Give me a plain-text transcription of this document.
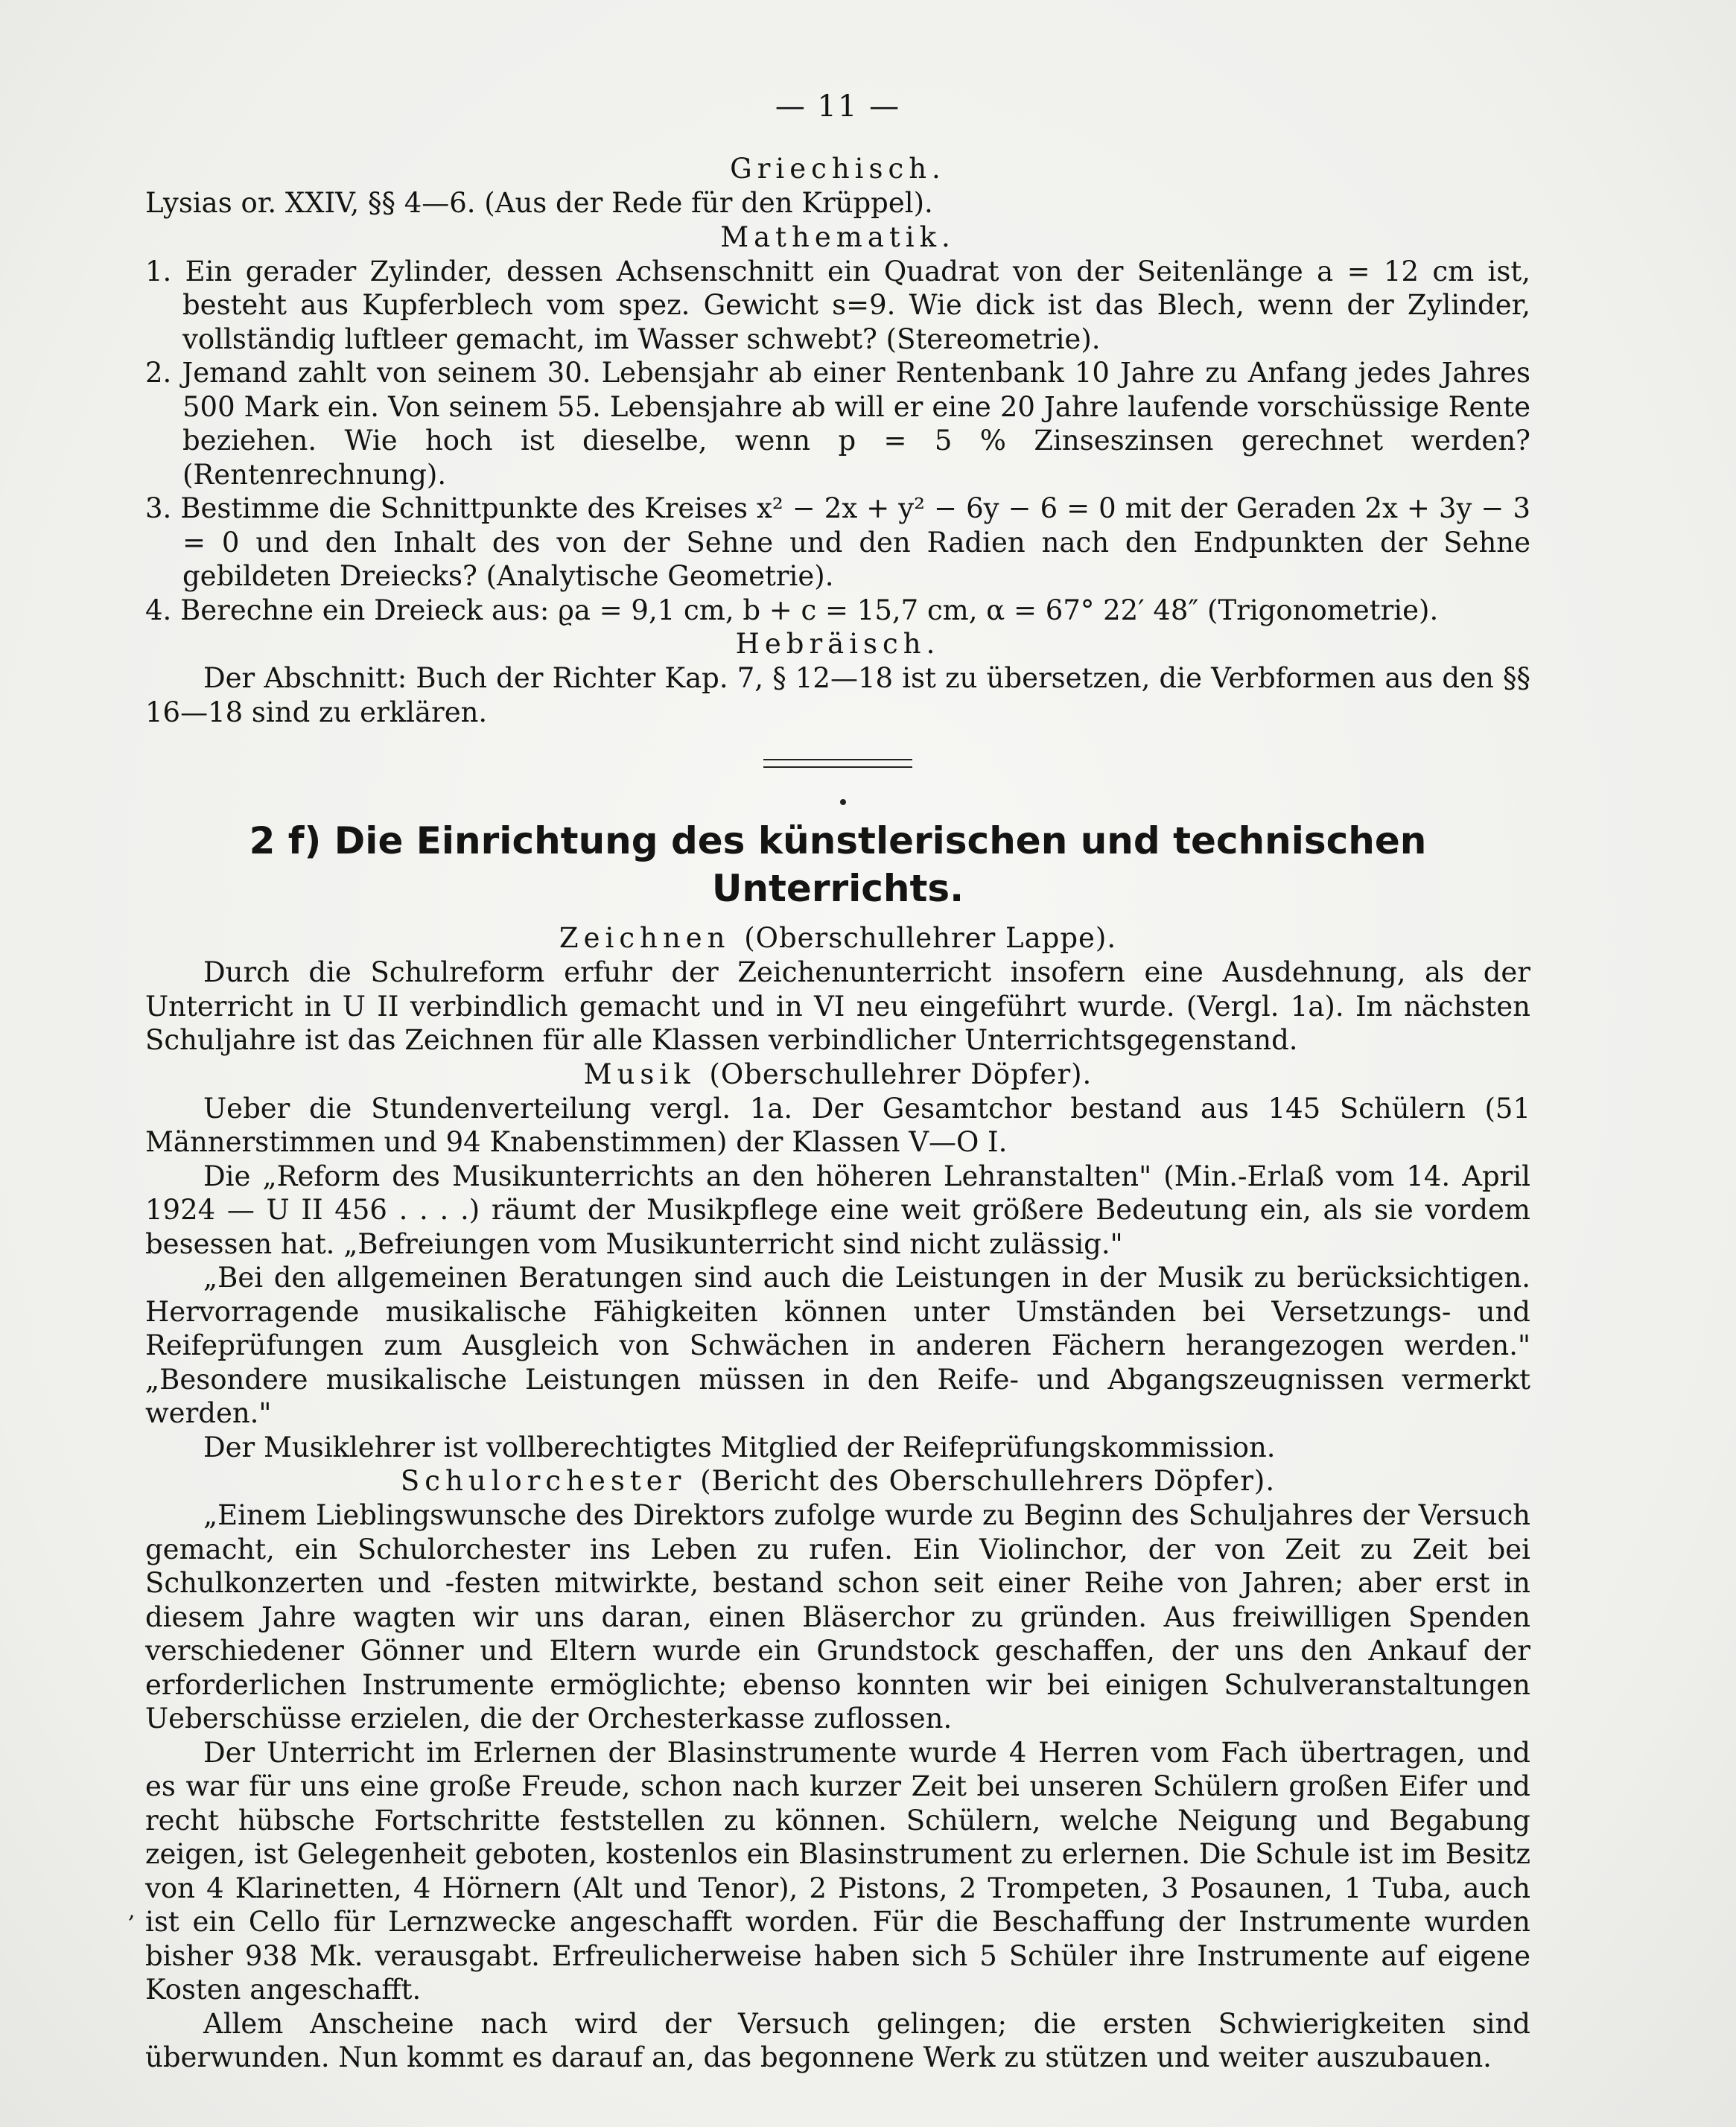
— 11 —
Griechisch.

Lysias or. XXIV, §§ 4—6. (Aus der Rede für den Krüppel).

Mathematik.
1. Ein gerader Zylinder, dessen Achsenschnitt ein Quadrat von der Seitenlänge a = 12 cm ist, besteht aus Kupferblech vom spez. Gewicht s=9. Wie dick ist das Blech, wenn der Zylinder, vollständig luftleer gemacht, im Wasser schwebt? (Stereometrie).
2. Jemand zahlt von seinem 30. Lebensjahr ab einer Rentenbank 10 Jahre zu Anfang jedes Jahres 500 Mark ein. Von seinem 55. Lebensjahre ab will er eine 20 Jahre laufende vorschüssige Rente beziehen. Wie hoch ist dieselbe, wenn p = 5 % Zinseszinsen gerechnet werden? (Rentenrechnung).
3. Bestimme die Schnittpunkte des Kreises x² − 2x + y² − 6y − 6 = 0 mit der Geraden 2x + 3y − 3 = 0 und den Inhalt des von der Sehne und den Radien nach den Endpunkten der Sehne gebildeten Dreiecks? (Analytische Geometrie).
4. Berechne ein Dreieck aus: ϱa = 9,1 cm, b + c = 15,7 cm, α = 67° 22′ 48″ (Trigonometrie).
Hebräisch.

Der Abschnitt: Buch der Richter Kap. 7, § 12—18 ist zu übersetzen, die Verbformen aus den §§ 16—18 sind zu erklären.

2 f) Die Einrichtung des künstlerischen und technischen Unterrichts.
Zeichnen (Oberschullehrer Lappe).

Durch die Schulreform erfuhr der Zeichenunterricht insofern eine Ausdehnung, als der Unterricht in U II verbindlich gemacht und in VI neu eingeführt wurde. (Vergl. 1a). Im nächsten Schuljahre ist das Zeichnen für alle Klassen verbindlicher Unterrichtsgegenstand.

Musik (Oberschullehrer Döpfer).

Ueber die Stundenverteilung vergl. 1a. Der Gesamtchor bestand aus 145 Schülern (51 Männerstimmen und 94 Knabenstimmen) der Klassen V—O I.

Die „Reform des Musikunterrichts an den höheren Lehranstalten" (Min.-Erlaß vom 14. April 1924 — U II 456 . . . .) räumt der Musikpflege eine weit größere Bedeutung ein, als sie vordem besessen hat. „Befreiungen vom Musikunterricht sind nicht zulässig."

„Bei den allgemeinen Beratungen sind auch die Leistungen in der Musik zu berücksichtigen. Hervorragende musikalische Fähigkeiten können unter Umständen bei Versetzungs- und Reifeprüfungen zum Ausgleich von Schwächen in anderen Fächern herangezogen werden." „Besondere musikalische Leistungen müssen in den Reife- und Abgangszeugnissen vermerkt werden."

Der Musiklehrer ist vollberechtigtes Mitglied der Reifeprüfungskommission.

Schulorchester (Bericht des Oberschullehrers Döpfer).

„Einem Lieblingswunsche des Direktors zufolge wurde zu Beginn des Schuljahres der Versuch gemacht, ein Schulorchester ins Leben zu rufen. Ein Violinchor, der von Zeit zu Zeit bei Schulkonzerten und -festen mitwirkte, bestand schon seit einer Reihe von Jahren; aber erst in diesem Jahre wagten wir uns daran, einen Bläserchor zu gründen. Aus freiwilligen Spenden verschiedener Gönner und Eltern wurde ein Grundstock geschaffen, der uns den Ankauf der erforderlichen Instrumente ermöglichte; ebenso konnten wir bei einigen Schulveranstaltungen Ueberschüsse erzielen, die der Orchesterkasse zuflossen.

Der Unterricht im Erlernen der Blasinstrumente wurde 4 Herren vom Fach übertragen, und es war für uns eine große Freude, schon nach kurzer Zeit bei unseren Schülern großen Eifer und recht hübsche Fortschritte feststellen zu können. Schülern, welche Neigung und Begabung zeigen, ist Gelegenheit geboten, kostenlos ein Blasinstrument zu erlernen. Die Schule ist im Besitz von 4 Klarinetten, 4 Hörnern (Alt und Tenor), 2 Pistons, 2 Trompeten, 3 Posaunen, 1 Tuba, auch ist ein Cello für Lernzwecke angeschafft worden. Für die Beschaffung der Instrumente wurden bisher 938 Mk. verausgabt. Erfreulicherweise haben sich 5 Schüler ihre Instrumente auf eigene Kosten angeschafft.

Allem Anscheine nach wird der Versuch gelingen; die ersten Schwierigkeiten sind überwunden. Nun kommt es darauf an, das begonnene Werk zu stützen und weiter auszubauen.

,
